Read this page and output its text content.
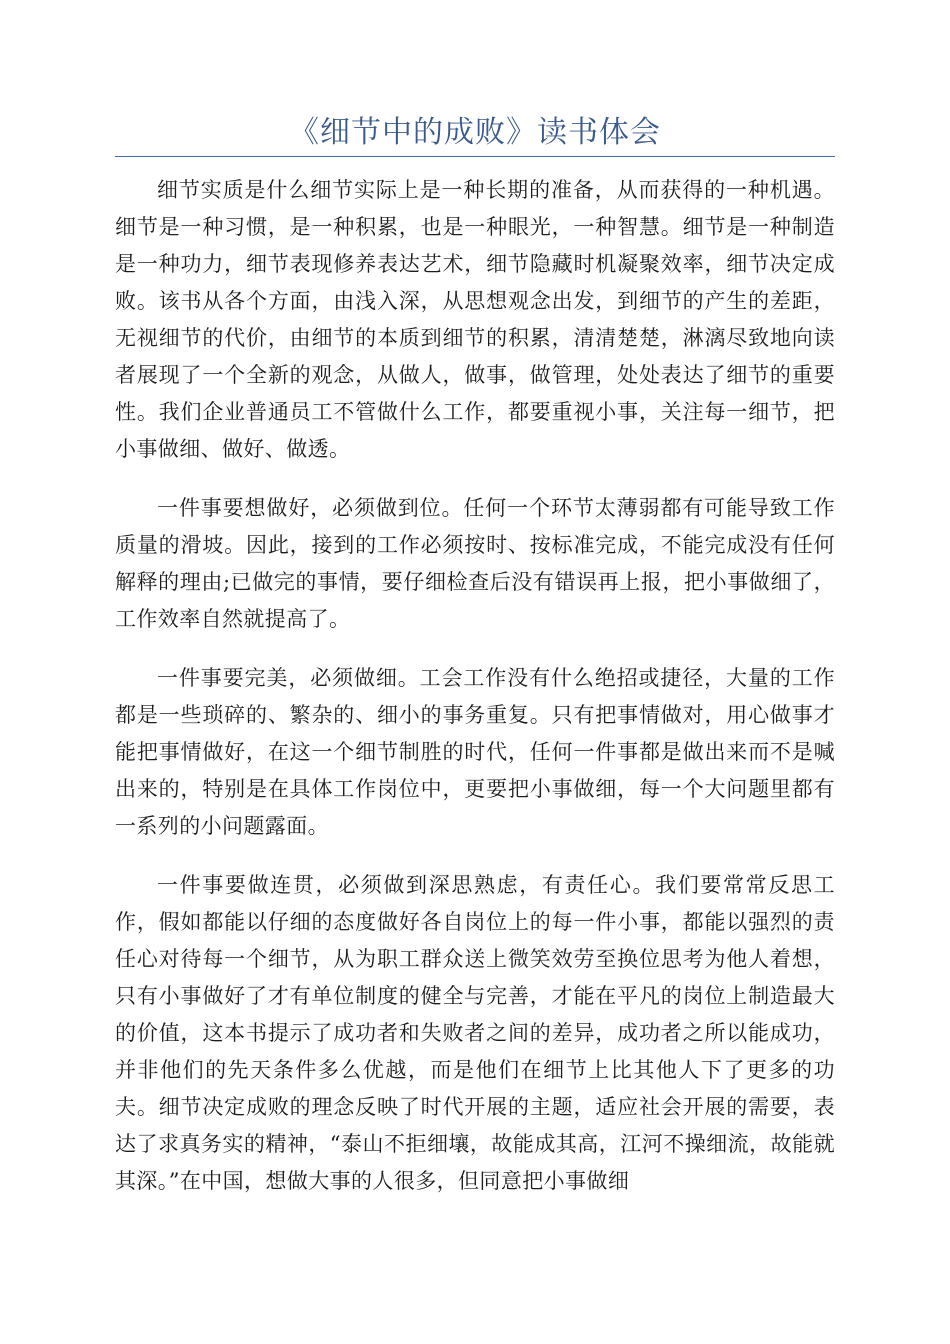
《细节中的成败》读书体会

细节实质是什么细节实际上是一种长期的准备，从而获得的一种机遇。细节是一种习惯，是一种积累，也是一种眼光，一种智慧。细节是一种制造是一种功力，细节表现修养表达艺术，细节隐藏时机凝聚效率，细节决定成败。该书从各个方面，由浅入深，从思想观念出发，到细节的产生的差距，无视细节的代价，由细节的本质到细节的积累，清清楚楚，淋漓尽致地向读者展现了一个全新的观念，从做人，做事，做管理，处处表达了细节的重要性。我们企业普通员工不管做什么工作，都要重视小事，关注每一细节，把小事做细、做好、做透。

一件事要想做好，必须做到位。任何一个环节太薄弱都有可能导致工作质量的滑坡。因此，接到的工作必须按时、按标准完成，不能完成没有任何解释的理由;已做完的事情，要仔细检查后没有错误再上报，把小事做细了，工作效率自然就提高了。

一件事要完美，必须做细。工会工作没有什么绝招或捷径，大量的工作都是一些琐碎的、繁杂的、细小的事务重复。只有把事情做对，用心做事才能把事情做好，在这一个细节制胜的时代，任何一件事都是做出来而不是喊出来的，特别是在具体工作岗位中，更要把小事做细，每一个大问题里都有一系列的小问题露面。

一件事要做连贯，必须做到深思熟虑，有责任心。我们要常常反思工作，假如都能以仔细的态度做好各自岗位上的每一件小事，都能以强烈的责任心对待每一个细节，从为职工群众送上微笑效劳至换位思考为他人着想，只有小事做好了才有单位制度的健全与完善，才能在平凡的岗位上制造最大的价值，这本书提示了成功者和失败者之间的差异，成功者之所以能成功，并非他们的先天条件多么优越，而是他们在细节上比其他人下了更多的功夫。细节决定成败的理念反映了时代开展的主题，适应社会开展的需要，表达了求真务实的精神，“泰山不拒细壤，故能成其高，江河不操细流，故能就其深。”在中国，想做大事的人很多，但同意把小事做细
